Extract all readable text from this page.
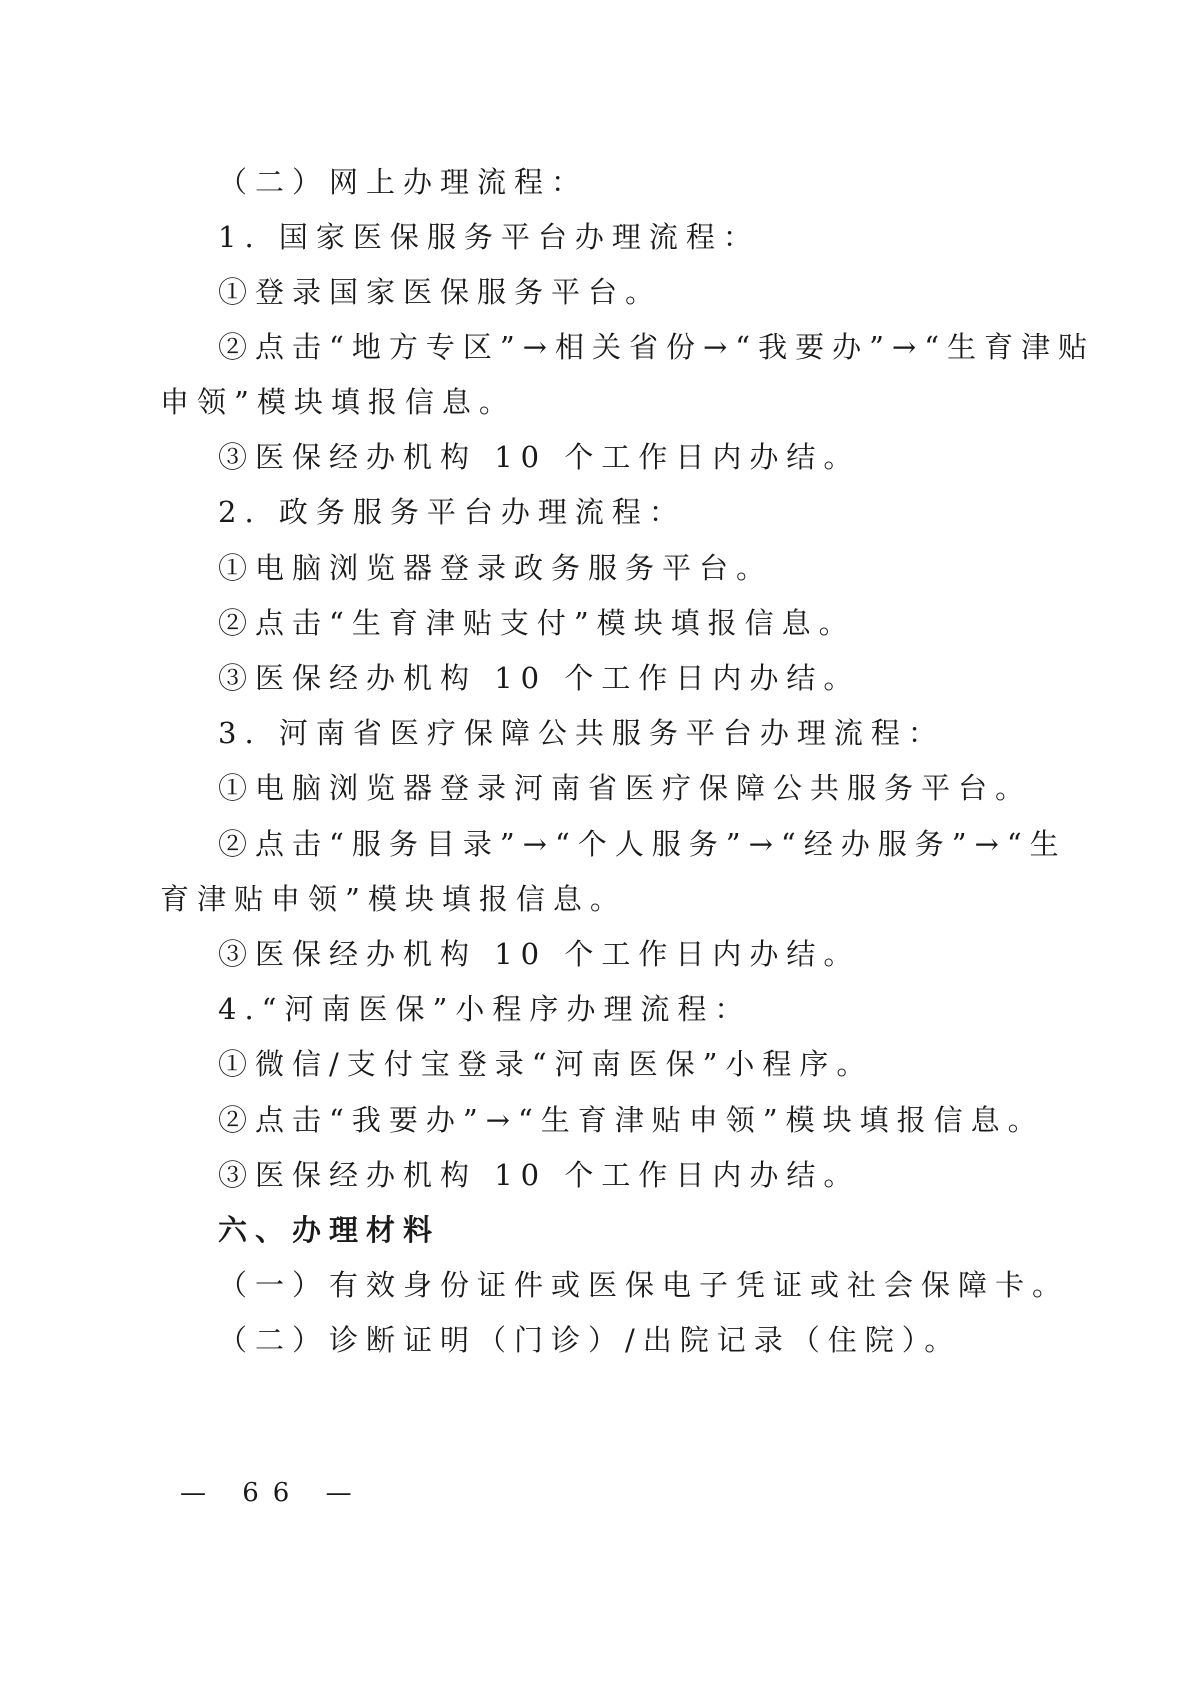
（二）网上办理流程：
1. 国家医保服务平台办理流程：
①登录国家医保服务平台。
②点击“地方专区”→相关省份→“我要办”→“生育津贴
申领”模块填报信息。
③医保经办机构 10 个工作日内办结。
2. 政务服务平台办理流程：
①电脑浏览器登录政务服务平台。
②点击“生育津贴支付”模块填报信息。
③医保经办机构 10 个工作日内办结。
3. 河南省医疗保障公共服务平台办理流程：
①电脑浏览器登录河南省医疗保障公共服务平台。
②点击“服务目录”→“个人服务”→“经办服务”→“生
育津贴申领”模块填报信息。
③医保经办机构 10 个工作日内办结。
4.“河南医保”小程序办理流程：
①微信/支付宝登录“河南医保”小程序。
②点击“我要办”→“生育津贴申领”模块填报信息。
③医保经办机构 10 个工作日内办结。
六、办理材料
（一）有效身份证件或医保电子凭证或社会保障卡。
（二）诊断证明（门诊）/出院记录（住院）。
— 66 —
